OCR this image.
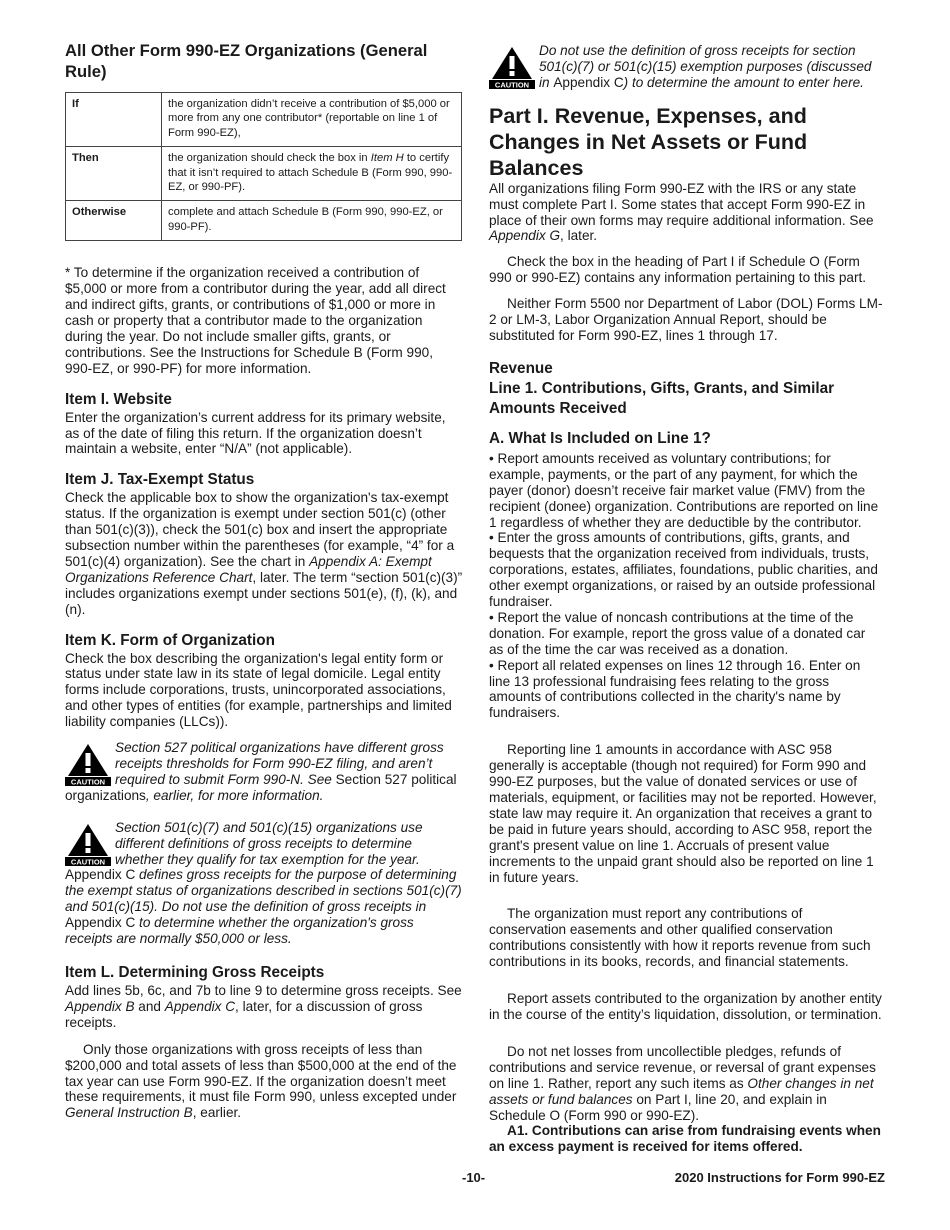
All Other Form 990-EZ Organizations (General Rule)
If	the organization didn’t receive a contribution of $5,000 or more from any one contributor* (reportable on line 1 of Form 990-EZ),
Then	the organization should check the box in Item H to certify that it isn’t required to attach Schedule B (Form 990, 990-EZ, or 990-PF).
Otherwise	complete and attach Schedule B (Form 990, 990-EZ, or 990-PF).

* To determine if the organization received a contribution of $5,000 or more from a contributor during the year, add all direct and indirect gifts, grants, or contributions of $1,000 or more in cash or property that a contributor made to the organization during the year. Do not include smaller gifts, grants, or contributions. See the Instructions for Schedule B (Form 990, 990-EZ, or 990-PF) for more information.

Item I. Website

Enter the organization’s current address for its primary website, as of the date of filing this return. If the organization doesn’t maintain a website, enter “N/A” (not applicable).

Item J. Tax-Exempt Status

Check the applicable box to show the organization's tax-exempt status. If the organization is exempt under section 501(c) (other than 501(c)(3)), check the 501(c) box and insert the appropriate subsection number within the parentheses (for example, “4” for a 501(c)(4) organization). See the chart in Appendix A: Exempt Organizations Reference Chart, later. The term “section 501(c)(3)” includes organizations exempt under sections 501(e), (f), (k), and (n).

Item K. Form of Organization

Check the box describing the organization's legal entity form or status under state law in its state of legal domicile. Legal entity forms include corporations, trusts, unincorporated associations, and other types of entities (for example, partnerships and limited liability companies (LLCs)).

CAUTION

Section 527 political organizations have different gross receipts thresholds for Form 990-EZ filing, and aren’t required to submit Form 990-N. See Section 527 political organizations, earlier, for more information.

CAUTION

Section 501(c)(7) and 501(c)(15) organizations use different definitions of gross receipts to determine whether they qualify for tax exemption for the year. Appendix C defines gross receipts for the purpose of determining the exempt status of organizations described in sections 501(c)(7) and 501(c)(15). Do not use the definition of gross receipts in Appendix C to determine whether the organization's gross receipts are normally $50,000 or less.

Item L. Determining Gross Receipts

Add lines 5b, 6c, and 7b to line 9 to determine gross receipts. See Appendix B and Appendix C, later, for a discussion of gross receipts.

Only those organizations with gross receipts of less than $200,000 and total assets of less than $500,000 at the end of the tax year can use Form 990-EZ. If the organization doesn’t meet these requirements, it must file Form 990, unless excepted under General Instruction B, earlier.

CAUTION

Do not use the definition of gross receipts for section 501(c)(7) or 501(c)(15) exemption purposes (discussed in Appendix C) to determine the amount to enter here.

Part I. Revenue, Expenses, and Changes in Net Assets or Fund Balances

All organizations filing Form 990-EZ with the IRS or any state must complete Part I. Some states that accept Form 990-EZ in place of their own forms may require additional information. See Appendix G, later.

Check the box in the heading of Part I if Schedule O (Form 990 or 990-EZ) contains any information pertaining to this part.

Neither Form 5500 nor Department of Labor (DOL) Forms LM-2 or LM-3, Labor Organization Annual Report, should be substituted for Form 990-EZ, lines 1 through 17.

Revenue
Line 1. Contributions, Gifts, Grants, and Similar Amounts Received
A. What Is Included on Line 1?

• Report amounts received as voluntary contributions; for example, payments, or the part of any payment, for which the payer (donor) doesn’t receive fair market value (FMV) from the recipient (donee) organization. Contributions are reported on line 1 regardless of whether they are deductible by the contributor.

• Enter the gross amounts of contributions, gifts, grants, and bequests that the organization received from individuals, trusts, corporations, estates, affiliates, foundations, public charities, and other exempt organizations, or raised by an outside professional fundraiser.

• Report the value of noncash contributions at the time of the donation. For example, report the gross value of a donated car as of the time the car was received as a donation.

• Report all related expenses on lines 12 through 16. Enter on line 13 professional fundraising fees relating to the gross amounts of contributions collected in the charity's name by fundraisers.

Reporting line 1 amounts in accordance with ASC 958 generally is acceptable (though not required) for Form 990 and 990-EZ purposes, but the value of donated services or use of materials, equipment, or facilities may not be reported. However, state law may require it. An organization that receives a grant to be paid in future years should, according to ASC 958, report the grant's present value on line 1. Accruals of present value increments to the unpaid grant should also be reported on line 1 in future years.

The organization must report any contributions of conservation easements and other qualified conservation contributions consistently with how it reports revenue from such contributions in its books, records, and financial statements.

Report assets contributed to the organization by another entity in the course of the entity’s liquidation, dissolution, or termination.

Do not net losses from uncollectible pledges, refunds of contributions and service revenue, or reversal of grant expenses on line 1. Rather, report any such items as Other changes in net assets or fund balances on Part I, line 20, and explain in Schedule O (Form 990 or 990-EZ).

A1. Contributions can arise from fundraising events when an excess payment is received for items offered.

-10-	2020 Instructions for Form 990-EZ
